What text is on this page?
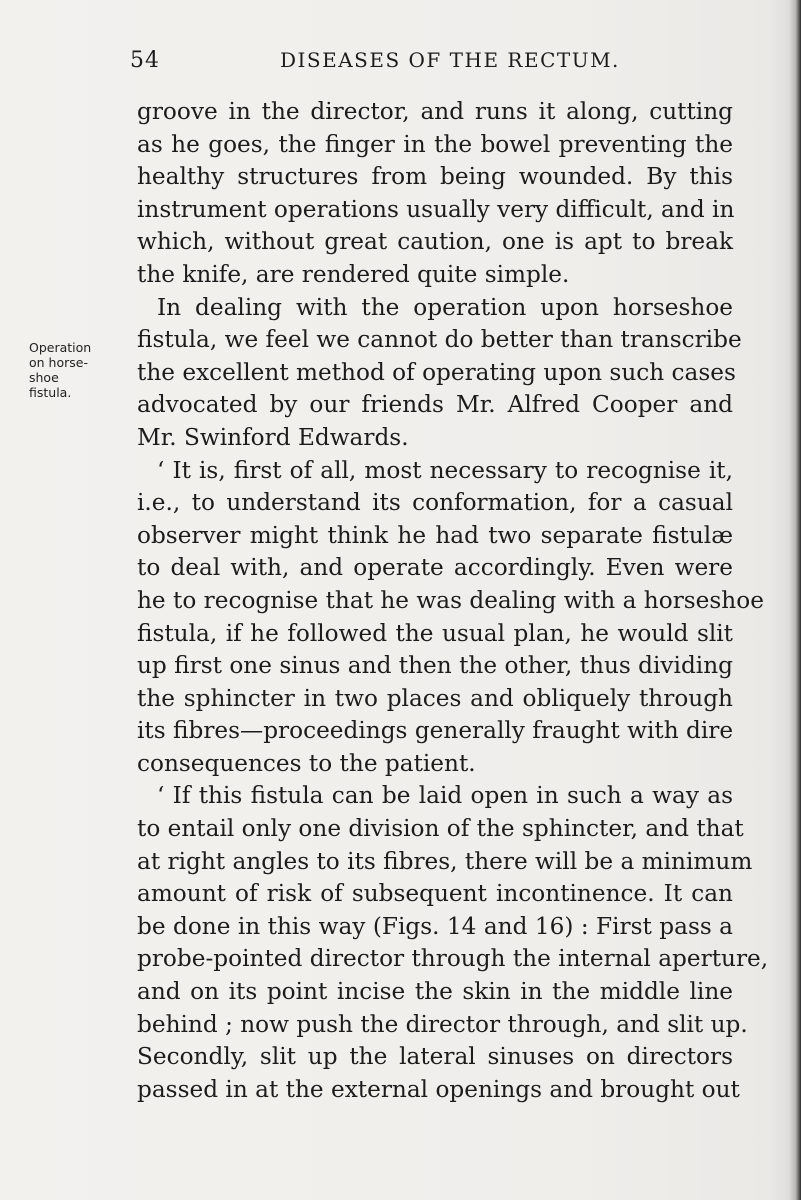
54	DISEASES OF THE RECTUM.
Operation
on horse-
shoe
fistula.
groove in the director, and runs it along, cutting
as he goes, the finger in the bowel preventing the
healthy structures from being wounded. By this
instrument operations usually very difficult, and in
which, without great caution, one is apt to break
the knife, are rendered quite simple.
In dealing with the operation upon horseshoe
fistula, we feel we cannot do better than transcribe
the excellent method of operating upon such cases
advocated by our friends Mr. Alfred Cooper and
Mr. Swinford Edwards.
‘ It is, first of all, most necessary to recognise it,
i.e., to understand its conformation, for a casual
observer might think he had two separate fistulæ
to deal with, and operate accordingly. Even were
he to recognise that he was dealing with a horseshoe
fistula, if he followed the usual plan, he would slit
up first one sinus and then the other, thus dividing
the sphincter in two places and obliquely through
its fibres—proceedings generally fraught with dire
consequences to the patient.
‘ If this fistula can be laid open in such a way as
to entail only one division of the sphincter, and that
at right angles to its fibres, there will be a minimum
amount of risk of subsequent incontinence. It can
be done in this way (Figs. 14 and 16) : First pass a
probe-pointed director through the internal aperture,
and on its point incise the skin in the middle line
behind ; now push the director through, and slit up.
Secondly, slit up the lateral sinuses on directors
passed in at the external openings and brought out
